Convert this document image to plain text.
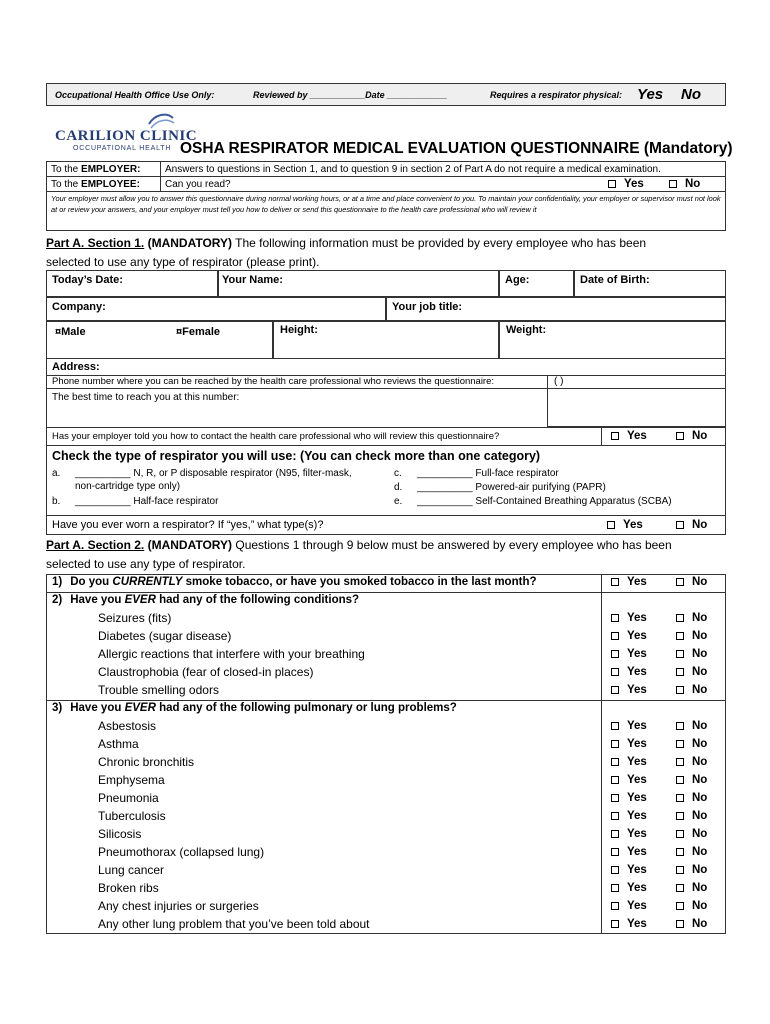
Occupational Health Office Use Only:	Reviewed by ___________Date ____________	Requires a respirator physical: Yes No
CARILION CLINIC
OCCUPATIONAL HEALTH OSHA RESPIRATOR MEDICAL EVALUATION QUESTIONNAIRE (Mandatory)
To the EMPLOYER:	Answers to questions in Section 1, and to question 9 in section 2 of Part A do not require a medical examination.
To the EMPLOYEE:	Can you read? Yes No
Your employer must allow you to answer this questionnaire during normal working hours, or at a time and place convenient to you. To maintain your confidentiality, your employer or supervisor must not look at or review your answers, and your employer must tell you how to deliver or send this questionnaire to the health care professional who will review it
Part A. Section 1. (MANDATORY) The following information must be provided by every employee who has been
selected to use any type of respirator (please print).
Today’s Date:	Your Name:	Age:	Date of Birth:
Company:	Your job title:
¤Male	¤Female	Height:	Weight:
Address:
Phone number where you can be reached by the health care professional who reviews the questionnaire:	( )
The best time to reach you at this number:
Has your employer told you how to contact the health care professional who will review this questionnaire?	Yes	No
Check the type of respirator you will use: (You can check more than one category)
a. __________ N, R, or P disposable respirator (N95, filter-mask,
non-cartridge type only)
b. __________ Half-face respirator
c. __________ Full-face respirator
d. __________ Powered-air purifying (PAPR)
e. __________ Self-Contained Breathing Apparatus (SCBA)
Have you ever worn a respirator? If “yes,” what type(s)?	Yes	No
Part A. Section 2. (MANDATORY) Questions 1 through 9 below must be answered by every employee who has been
selected to use any type of respirator.
1) Do you CURRENTLY smoke tobacco, or have you smoked tobacco in the last month?	Yes	No
2) Have you EVER had any of the following conditions?
Seizures (fits)	Yes	No
Diabetes (sugar disease)	Yes	No
Allergic reactions that interfere with your breathing	Yes	No
Claustrophobia (fear of closed-in places)	Yes	No
Trouble smelling odors	Yes	No
3) Have you EVER had any of the following pulmonary or lung problems?
Asbestosis	Yes	No
Asthma	Yes	No
Chronic bronchitis	Yes	No
Emphysema	Yes	No
Pneumonia	Yes	No
Tuberculosis	Yes	No
Silicosis	Yes	No
Pneumothorax (collapsed lung)	Yes	No
Lung cancer	Yes	No
Broken ribs	Yes	No
Any chest injuries or surgeries	Yes	No
Any other lung problem that you’ve been told about	Yes	No
